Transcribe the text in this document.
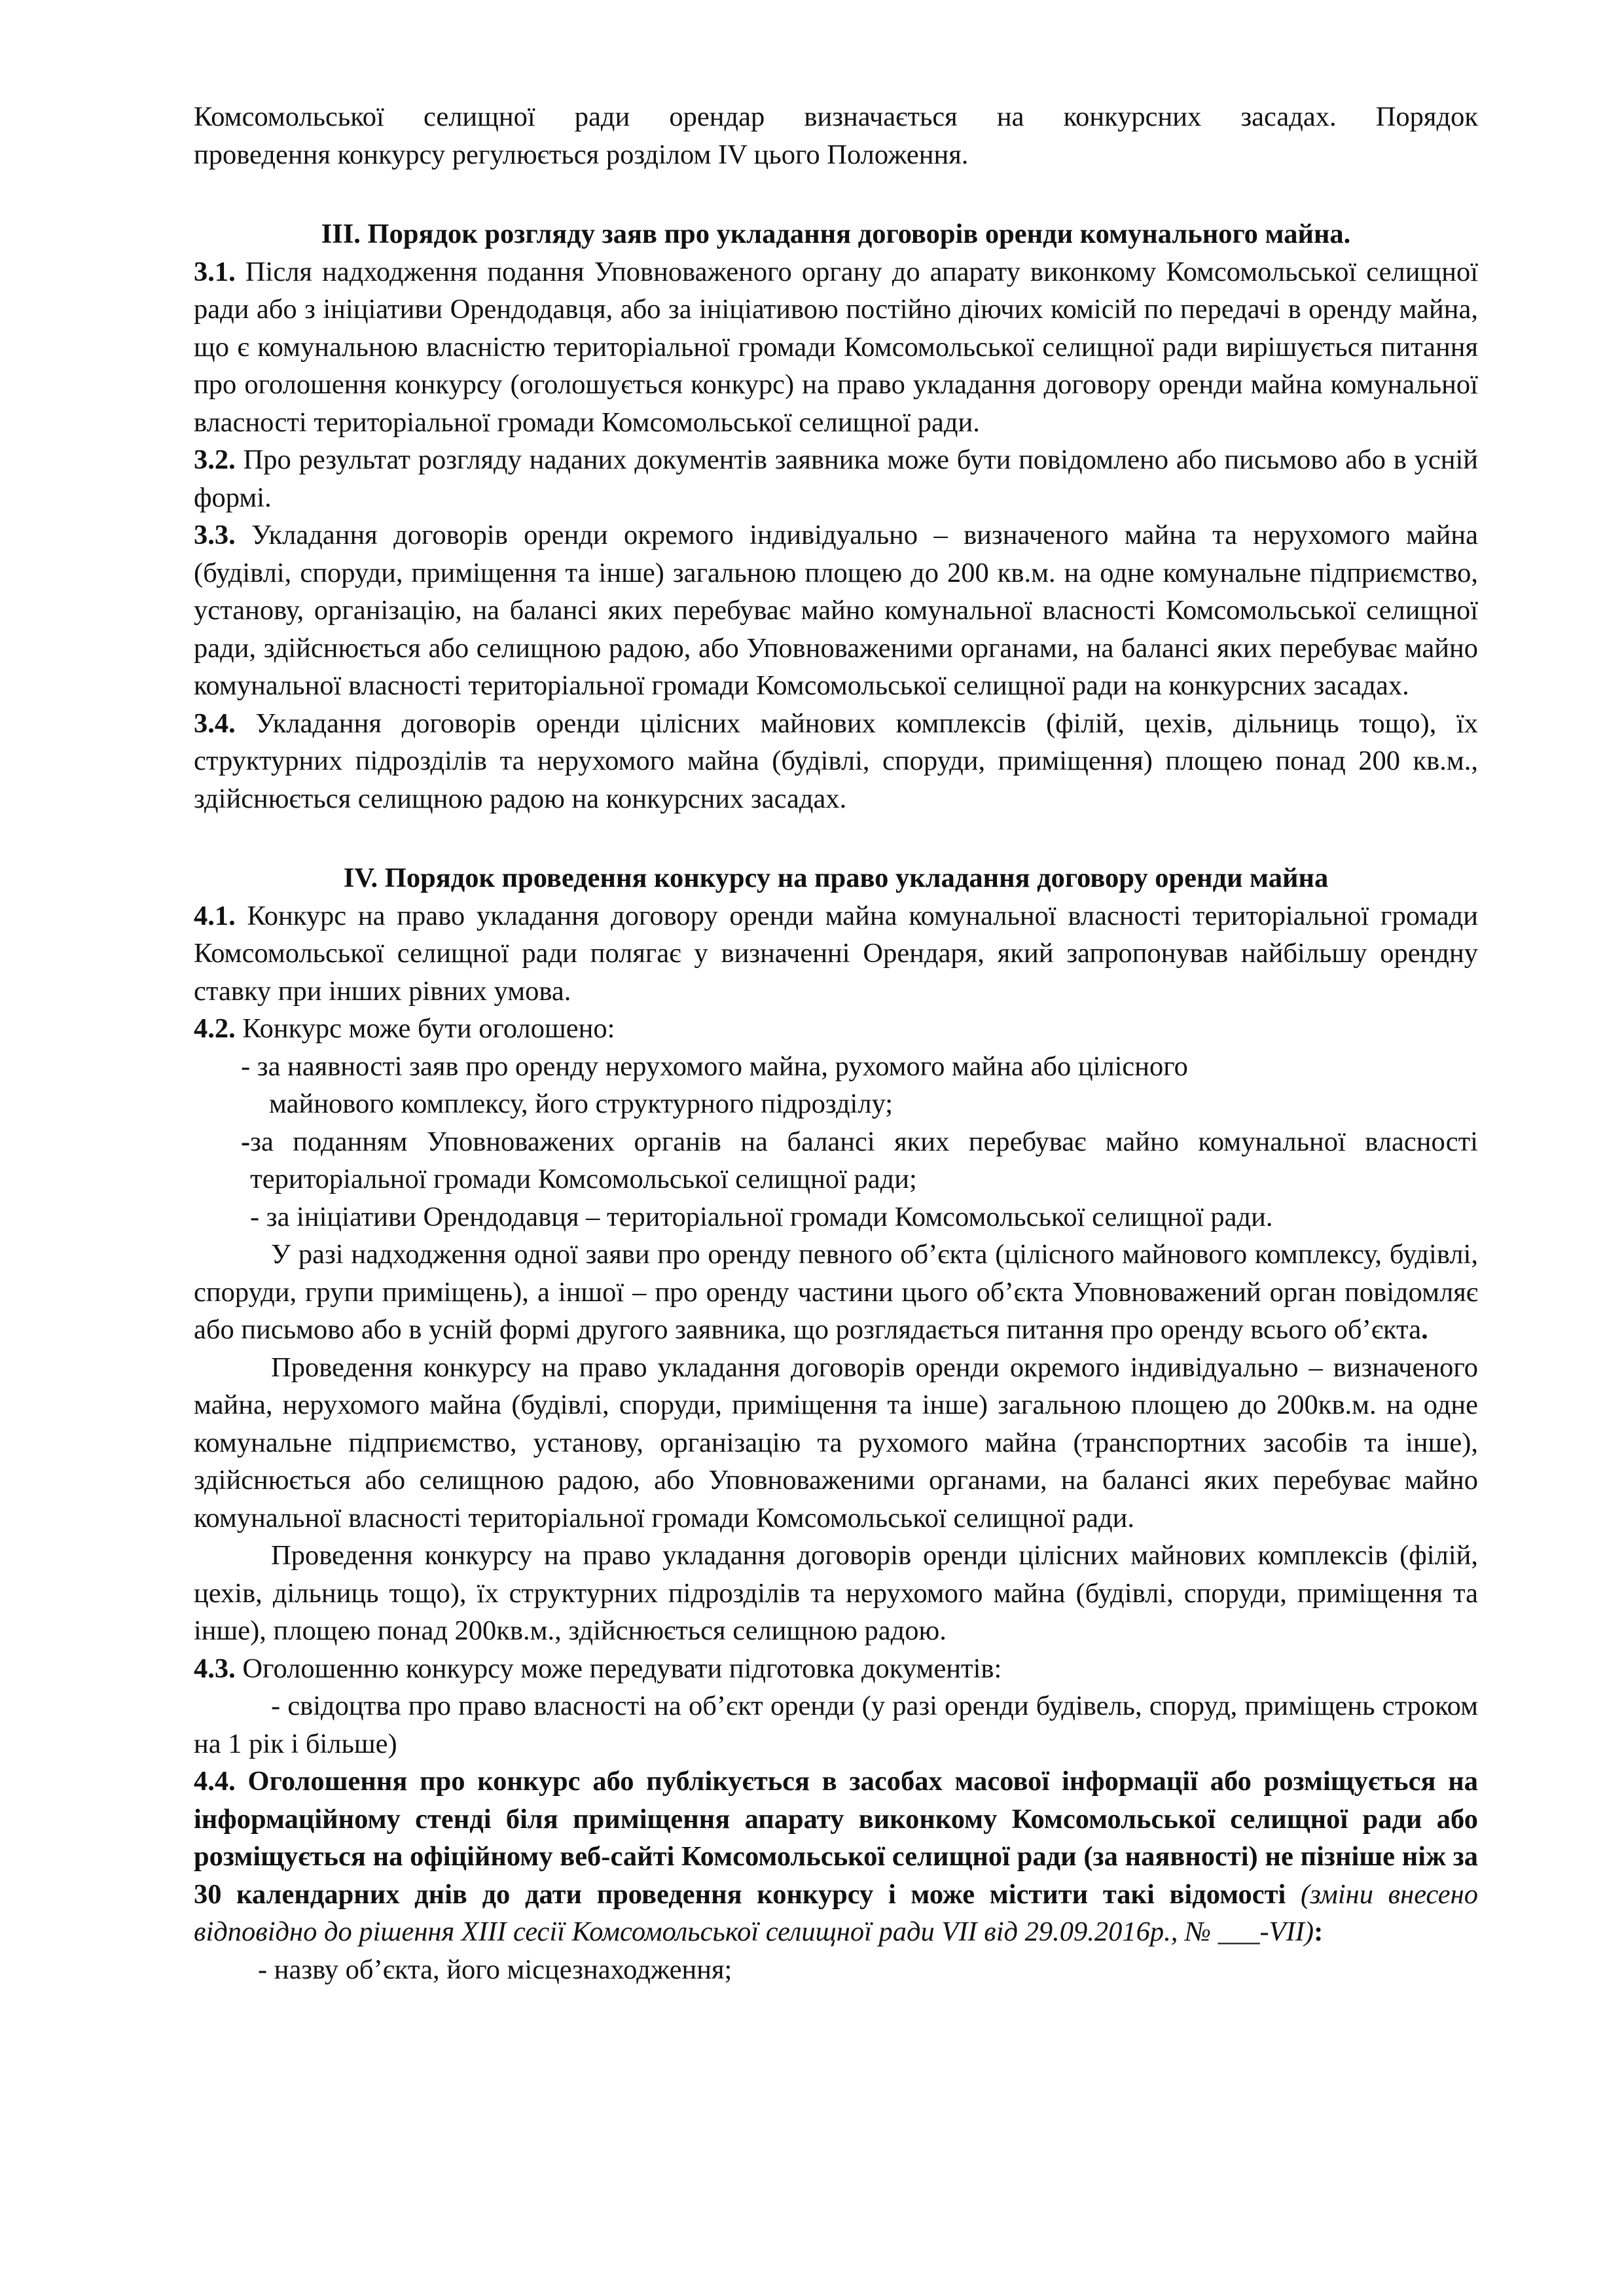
Комсомольської селищної ради орендар визначається на конкурсних засадах. Порядок

проведення конкурсу регулюється розділом IV цього Положення.

ІІІ. Порядок розгляду заяв про укладання договорів оренди комунального майна.

3.1. Після надходження подання Уповноваженого органу до апарату виконкому Комсомольської селищної ради або з ініціативи Орендодавця, або за ініціативою постійно діючих комісій по передачі в оренду майна, що є комунальною власністю територіальної громади Комсомольської селищної ради вирішується питання про оголошення конкурсу (оголошується конкурс) на право укладання договору оренди майна комунальної власності територіальної громади Комсомольської селищної ради.

3.2. Про результат розгляду наданих документів заявника може бути повідомлено або письмово або в усній формі.

3.3. Укладання договорів оренди окремого індивідуально – визначеного майна та нерухомого майна (будівлі, споруди, приміщення та інше) загальною площею до 200 кв.м. на одне комунальне підприємство, установу, організацію, на балансі яких перебуває майно комунальної власності Комсомольської селищної ради, здійснюється або селищною радою, або Уповноваженими органами, на балансі яких перебуває майно комунальної власності територіальної громади Комсомольської селищної ради на конкурсних засадах.

3.4. Укладання договорів оренди цілісних майнових комплексів (філій, цехів, дільниць тощо), їх структурних підрозділів та нерухомого майна (будівлі, споруди, приміщення) площею понад 200 кв.м., здійснюється селищною радою на конкурсних засадах.

IV. Порядок проведення конкурсу на право укладання договору оренди майна

4.1. Конкурс на право укладання договору оренди майна комунальної власності територіальної громади Комсомольської селищної ради полягає у визначенні Орендаря, який запропонував найбільшу орендну ставку при інших рівних умова.

4.2. Конкурс може бути оголошено:

- за наявності заяв про оренду нерухомого майна, рухомого майна або цілісного

майнового комплексу, його структурного підрозділу;

- за поданням Уповноважених органів на балансі яких перебуває майно комунальної власності територіальної громади Комсомольської селищної ради;

- за ініціативи Орендодавця – територіальної громади Комсомольської селищної ради.

У разі надходження одної заяви про оренду певного об’єкта (цілісного майнового комплексу, будівлі, споруди, групи приміщень), а іншої – про оренду частини цього об’єкта Уповноважений орган повідомляє або письмово або в усній формі другого заявника, що розглядається питання про оренду всього об’єкта.

Проведення конкурсу на право укладання договорів оренди окремого індивідуально – визначеного майна, нерухомого майна (будівлі, споруди, приміщення та інше) загальною площею до 200кв.м. на одне комунальне підприємство, установу, організацію та рухомого майна (транспортних засобів та інше), здійснюється або селищною радою, або Уповноваженими органами, на балансі яких перебуває майно комунальної власності територіальної громади Комсомольської селищної ради.

Проведення конкурсу на право укладання договорів оренди цілісних майнових комплексів (філій, цехів, дільниць тощо), їх структурних підрозділів та нерухомого майна (будівлі, споруди, приміщення та інше), площею понад 200кв.м., здійснюється селищною радою.

4.3. Оголошенню конкурсу може передувати підготовка документів:

- свідоцтва про право власності на об’єкт оренди (у разі оренди будівель, споруд, приміщень строком на 1 рік і більше)

4.4. Оголошення про конкурс або публікується в засобах масової інформації або розміщується на інформаційному стенді біля приміщення апарату виконкому Комсомольської селищної ради або розміщується на офіційному веб-сайті Комсомольської селищної ради (за наявності) не пізніше ніж за 30 календарних днів до дати проведення конкурсу і може містити такі відомості (зміни внесено відповідно до рішення ХІІІ сесії Комсомольської селищної ради VII від 29.09.2016р., № ___-VII):

- назву об’єкта, його місцезнаходження;
